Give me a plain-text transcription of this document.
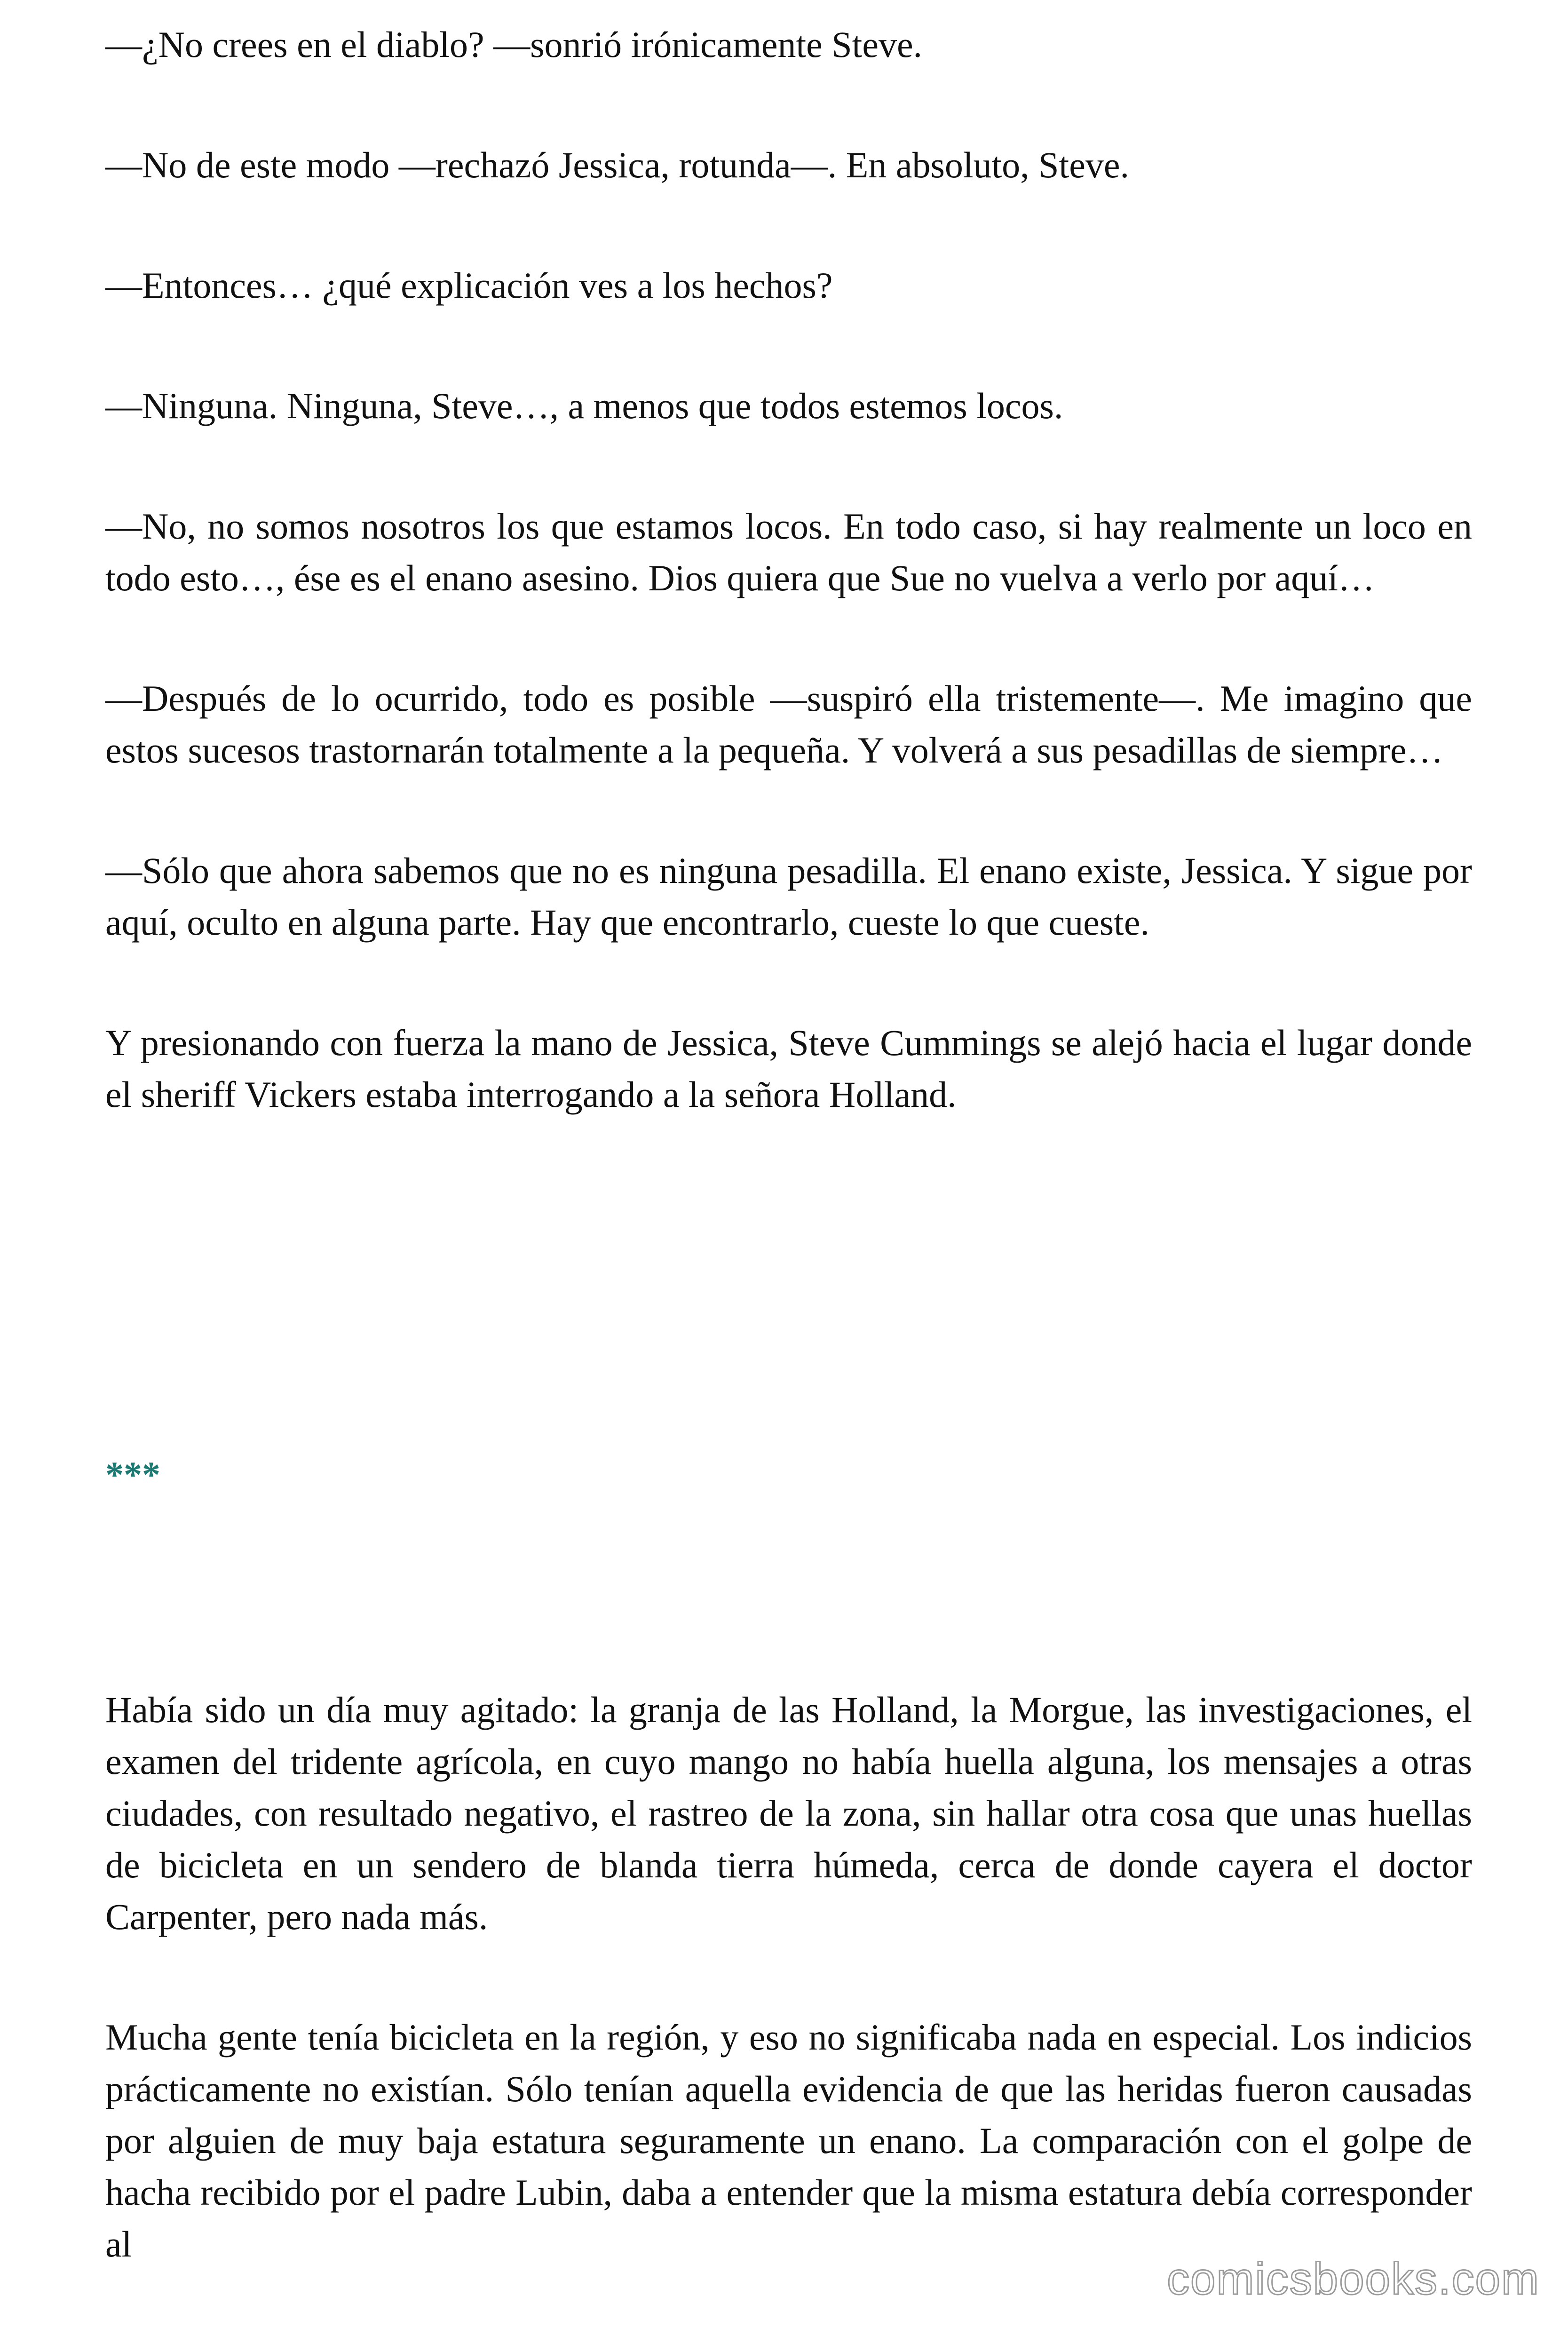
—¿No crees en el diablo? —sonrió irónicamente Steve.

—No de este modo —rechazó Jessica, rotunda—. En absoluto, Steve.

—Entonces… ¿qué explicación ves a los hechos?

—Ninguna. Ninguna, Steve…, a menos que todos estemos locos.

—No, no somos nosotros los que estamos locos. En todo caso, si hay realmente un loco en todo esto…, ése es el enano asesino. Dios quiera que Sue no vuelva a verlo por aquí…

—Después de lo ocurrido, todo es posible —suspiró ella tristemente—. Me imagino que estos sucesos trastornarán totalmente a la pequeña. Y volverá a sus pesadillas de siempre…

—Sólo que ahora sabemos que no es ninguna pesadilla. El enano existe, Jessica. Y sigue por aquí, oculto en alguna parte. Hay que encontrarlo, cueste lo que cueste.

Y presionando con fuerza la mano de Jessica, Steve Cummings se alejó hacia el lugar donde el sheriff Vickers estaba interrogando a la señora Holland.

***

Había sido un día muy agitado: la granja de las Holland, la Morgue, las investigaciones, el examen del tridente agrícola, en cuyo mango no había huella alguna, los mensajes a otras ciudades, con resultado negativo, el rastreo de la zona, sin hallar otra cosa que unas huellas de bicicleta en un sendero de blanda tierra húmeda, cerca de donde cayera el doctor Carpenter, pero nada más.

Mucha gente tenía bicicleta en la región, y eso no significaba nada en especial. Los indicios prácticamente no existían. Sólo tenían aquella evidencia de que las heridas fueron causadas por alguien de muy baja estatura seguramente un enano. La comparación con el golpe de hacha recibido por el padre Lubin, daba a entender que la misma estatura debía corresponder al

comicsbooks.com
